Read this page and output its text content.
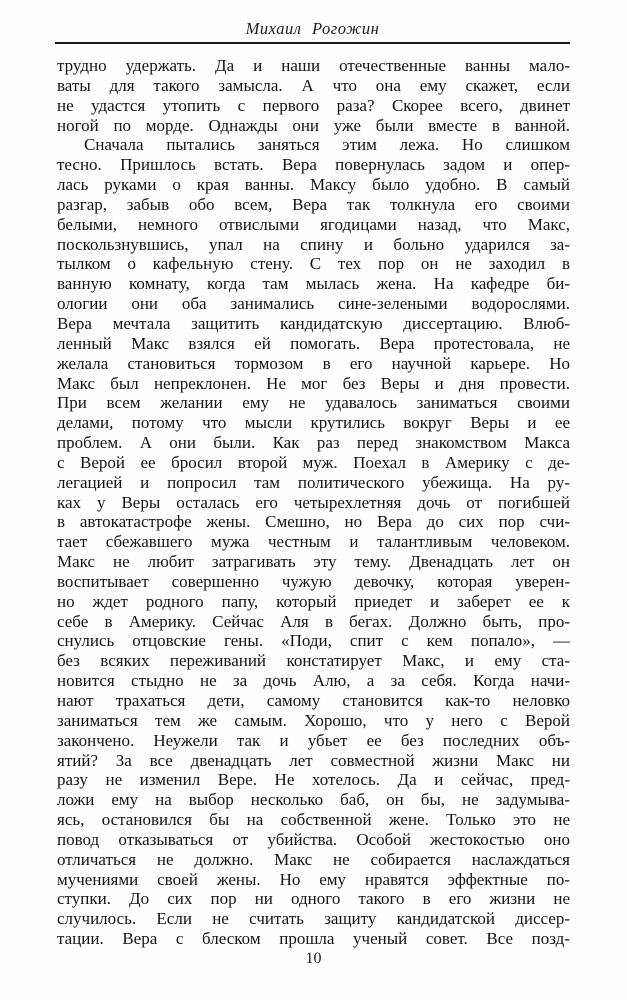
Михаил Рогожин

трудно удержать. Да и наши отечественные ванны мало-
ваты для такого замысла. А что она ему скажет, если
не удастся утопить с первого раза? Скорее всего, двинет
ногой по морде. Однажды они уже были вместе в ванной.

Сначала пытались заняться этим лежа. Но слишком
тесно. Пришлось встать. Вера повернулась задом и опер-
лась руками о края ванны. Максу было удобно. В самый
разгар, забыв обо всем, Вера так толкнула его своими
белыми, немного отвислыми ягодицами назад, что Макс,
поскользнувшись, упал на спину и больно ударился за-
тылком о кафельную стену. С тех пор он не заходил в
ванную комнату, когда там мылась жена. На кафедре би-
ологии они оба занимались сине-зелеными водорослями.
Вера мечтала защитить кандидатскую диссертацию. Влюб-
ленный Макс взялся ей помогать. Вера протестовала, не
желала становиться тормозом в его научной карьере. Но
Макс был непреклонен. Не мог без Веры и дня провести.
При всем желании ему не удавалось заниматься своими
делами, потому что мысли крутились вокруг Веры и ее
проблем. А они были. Как раз перед знакомством Макса
с Верой ее бросил второй муж. Поехал в Америку с де-
легацией и попросил там политического убежища. На ру-
ках у Веры осталась его четырехлетняя дочь от погибшей
в автокатастрофе жены. Смешно, но Вера до сих пор счи-
тает сбежавшего мужа честным и талантливым человеком.
Макс не любит затрагивать эту тему. Двенадцать лет он
воспитывает совершенно чужую девочку, которая уверен-
но ждет родного папу, который приедет и заберет ее к
себе в Америку. Сейчас Аля в бегах. Должно быть, про-
снулись отцовские гены. «Поди, спит с кем попало», —
без всяких переживаний констатирует Макс, и ему ста-
новится стыдно не за дочь Алю, а за себя. Когда начи-
нают трахаться дети, самому становится как-то неловко
заниматься тем же самым. Хорошо, что у него с Верой
закончено. Неужели так и убьет ее без последних объ-
ятий? За все двенадцать лет совместной жизни Макс ни
разу не изменил Вере. Не хотелось. Да и сейчас, пред-
ложи ему на выбор несколько баб, он бы, не задумыва-
ясь, остановился бы на собственной жене. Только это не
повод отказываться от убийства. Особой жестокостью оно
отличаться не должно. Макс не собирается наслаждаться
мучениями своей жены. Но ему нравятся эффектные по-
ступки. До сих пор ни одного такого в его жизни не
случилось. Если не считать защиту кандидатской диссер-
тации. Вера с блеском прошла ученый совет. Все позд-

10
